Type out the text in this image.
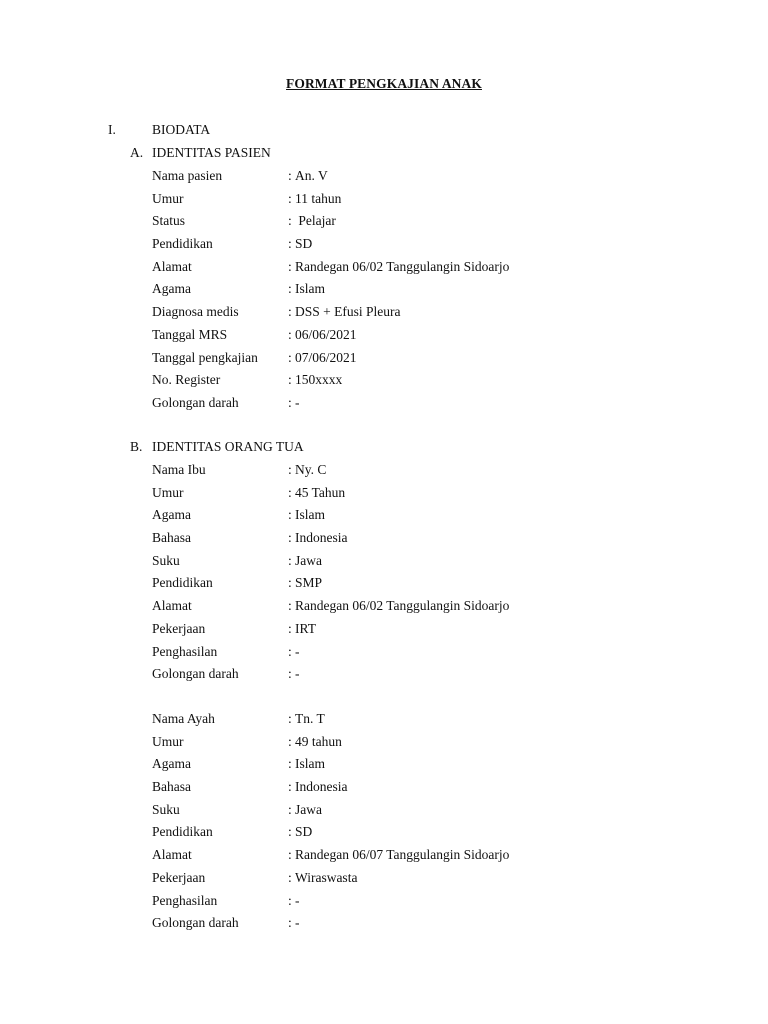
FORMAT PENGKAJIAN ANAK
I.	BIODATA
A. IDENTITAS PASIEN
Nama pasien	: An. V
Umur	: 11 tahun
Status	: Pelajar
Pendidikan	: SD
Alamat	: Randegan 06/02 Tanggulangin Sidoarjo
Agama	: Islam
Diagnosa medis	: DSS + Efusi Pleura
Tanggal MRS	: 06/06/2021
Tanggal pengkajian : 07/06/2021
No. Register	: 150xxxx
Golongan darah	: -
B. IDENTITAS ORANG TUA
Nama Ibu	: Ny. C
Umur	: 45 Tahun
Agama	: Islam
Bahasa	: Indonesia
Suku	: Jawa
Pendidikan	: SMP
Alamat	: Randegan 06/02 Tanggulangin Sidoarjo
Pekerjaan	: IRT
Penghasilan	: -
Golongan darah	: -
Nama Ayah	: Tn. T
Umur	: 49 tahun
Agama	: Islam
Bahasa	: Indonesia
Suku	: Jawa
Pendidikan	: SD
Alamat	: Randegan 06/07 Tanggulangin Sidoarjo
Pekerjaan	: Wiraswasta
Penghasilan	: -
Golongan darah	: -
